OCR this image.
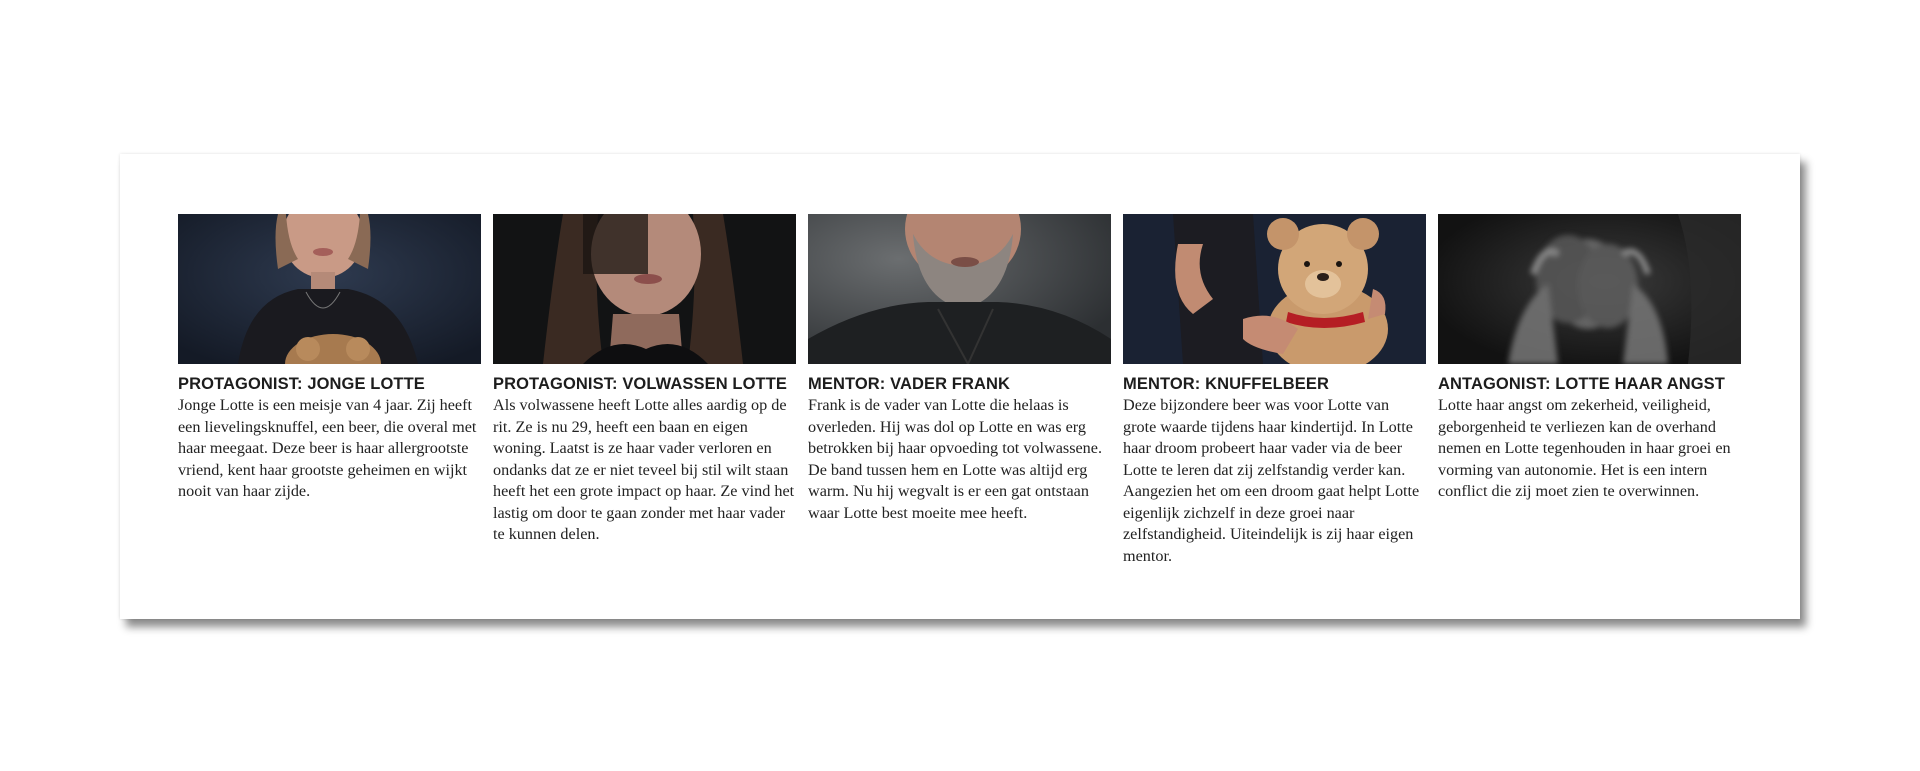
PROTAGONIST: JONGE LOTTE
Jonge Lotte is een meisje van 4 jaar. Zij heeft een lievelingsknuffel, een beer, die overal met haar meegaat. Deze beer is haar allergrootste vriend, kent haar grootste geheimen en wijkt nooit van haar zijde.
PROTAGONIST: VOLWASSEN LOTTE
Als volwassene heeft Lotte alles aardig op de rit. Ze is nu 29, heeft een baan en eigen woning. Laatst is ze haar vader verloren en ondanks dat ze er niet teveel bij stil wilt staan heeft het een grote impact op haar. Ze vind het lastig om door te gaan zonder met haar vader te kunnen delen.
MENTOR: VADER FRANK
Frank is de vader van Lotte die helaas is overleden. Hij was dol op Lotte en was erg betrokken bij haar opvoeding tot volwassene. De band tussen hem en Lotte was altijd erg warm. Nu hij wegvalt is er een gat ontstaan waar Lotte best moeite mee heeft.
MENTOR: KNUFFELBEER
Deze bijzondere beer was voor Lotte van grote waarde tijdens haar kindertijd. In Lotte haar droom probeert haar vader via de beer Lotte te leren dat zij zelfstandig verder kan. Aangezien het om een droom gaat helpt Lotte eigenlijk zichzelf in deze groei naar zelfstandigheid. Uiteindelijk is zij haar eigen mentor.
ANTAGONIST: LOTTE HAAR ANGST
Lotte haar angst om zekerheid, veiligheid, geborgenheid te verliezen kan de overhand nemen en Lotte tegenhouden in haar groei en vorming van autonomie. Het is een intern conflict die zij moet zien te overwinnen.
